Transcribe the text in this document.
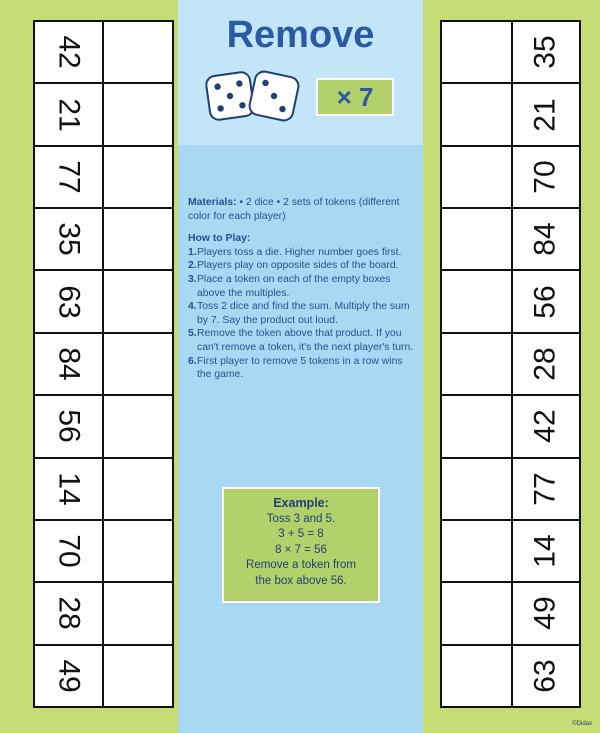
42
21
77
35
63
84
56
14
70
28
49
Remove
× 7
Materials: • 2 dice • 2 sets of tokens (different color for each player)
How to Play:
1. Players toss a die. Higher number goes first.
2. Players play on opposite sides of the board.
3. Place a token on each of the empty boxes above the multiples.
4. Toss 2 dice and find the sum. Multiply the sum by 7. Say the product out loud.
5. Remove the token above that product. If you can't remove a token, it's the next player's turn.
6. First player to remove 5 tokens in a row wins the game.
Example:
Toss 3 and 5.
3 + 5 = 8
8 × 7 = 56
Remove a token from
the box above 56.
35
21
70
84
56
28
42
77
14
49
63
©Didax
